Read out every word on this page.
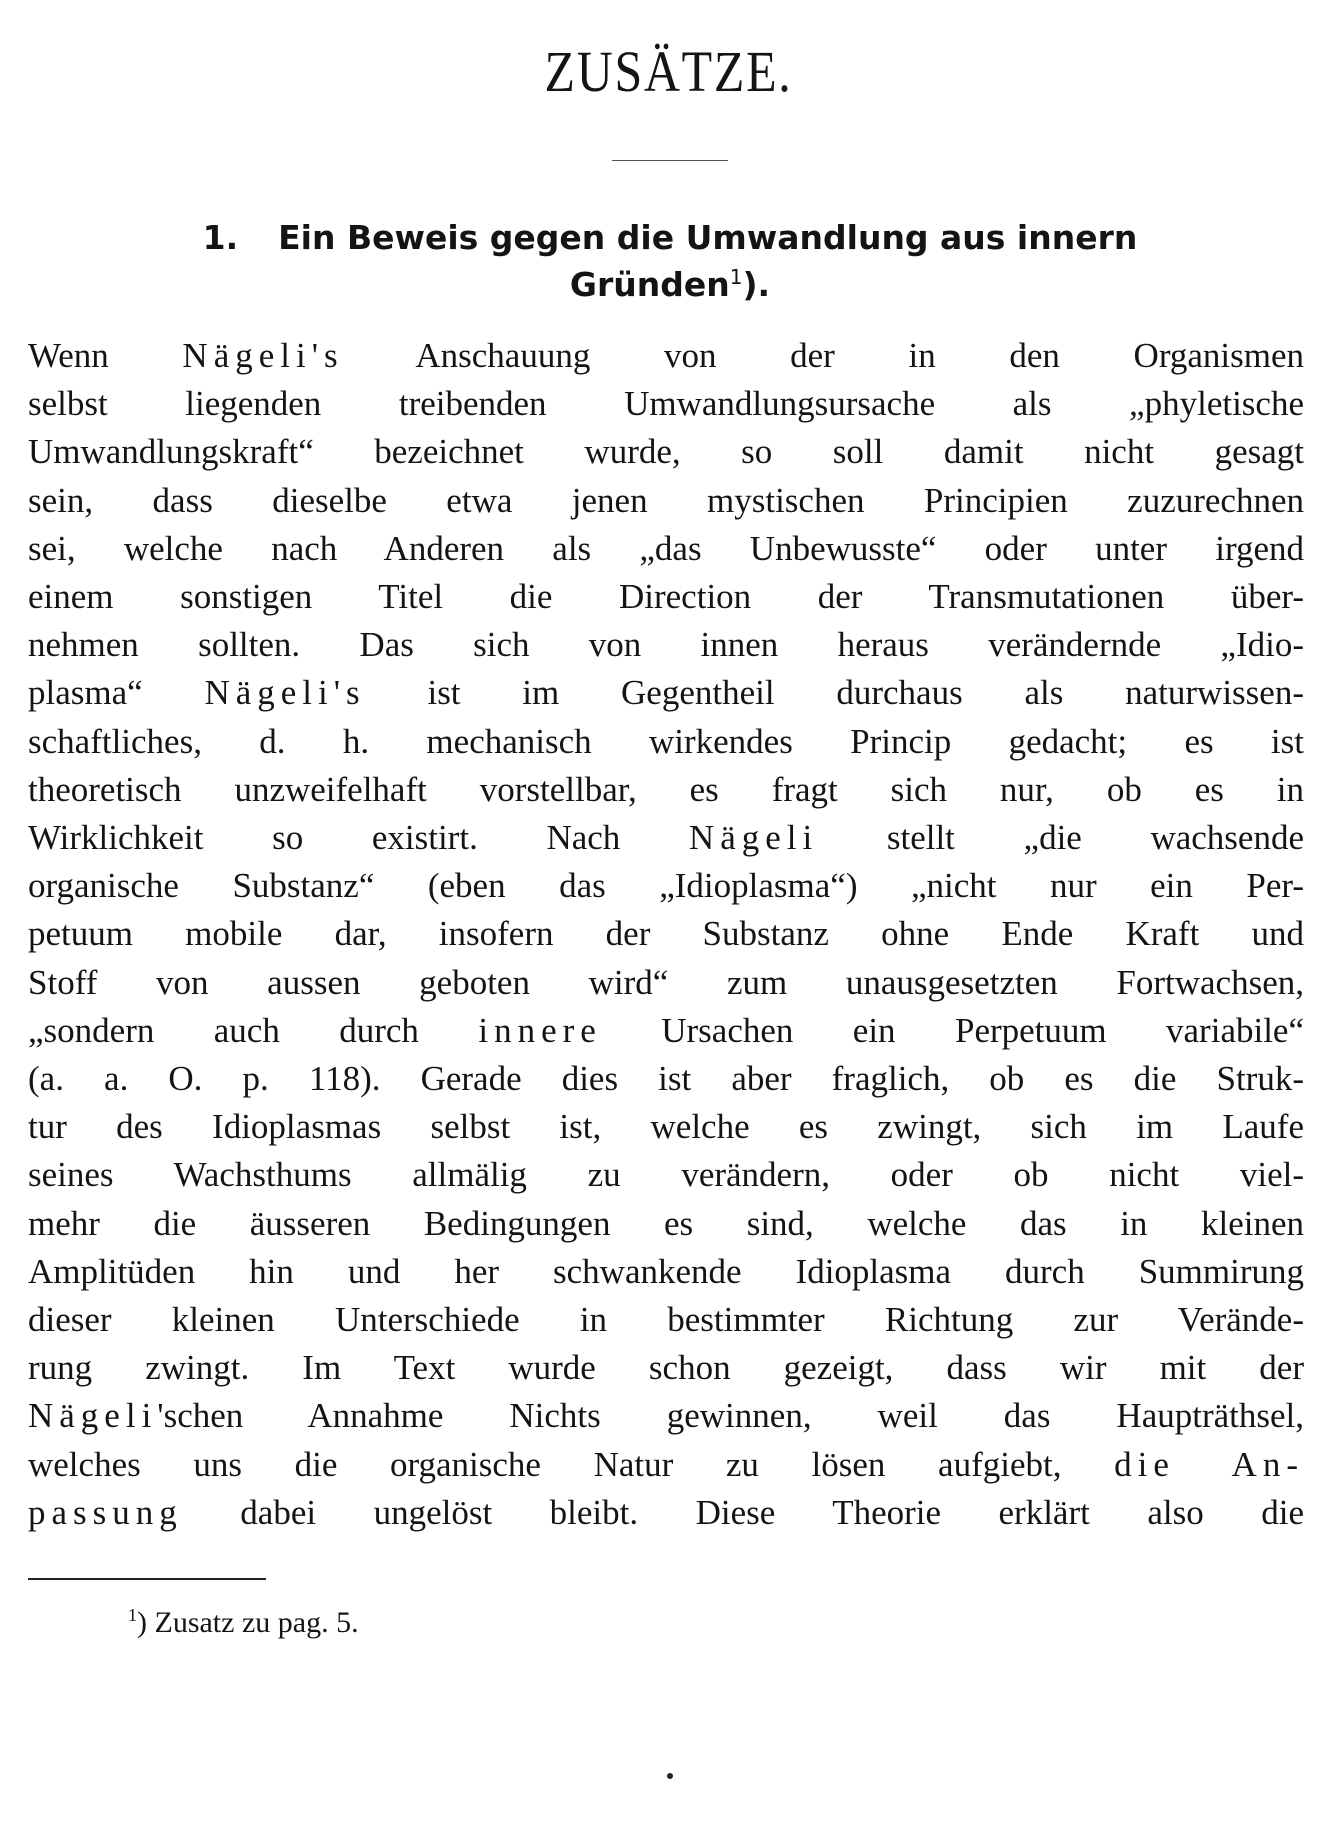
ZUSÄTZE.
1. Ein Beweis gegen die Umwandlung aus innern
Gründen$^1$).
Wenn Nägeli's Anschauung von der in den Organismen
selbst liegenden treibenden Umwandlungsursache als „phyletische
Umwandlungskraft“ bezeichnet wurde, so soll damit nicht gesagt
sein, dass dieselbe etwa jenen mystischen Principien zuzurechnen
sei, welche nach Anderen als „das Unbewusste“ oder unter irgend
einem sonstigen Titel die Direction der Transmutationen über-
nehmen sollten. Das sich von innen heraus verändernde „Idio-
plasma“ Nägeli's ist im Gegentheil durchaus als naturwissen-
schaftliches, d. h. mechanisch wirkendes Princip gedacht; es ist
theoretisch unzweifelhaft vorstellbar, es fragt sich nur, ob es in
Wirklichkeit so existirt. Nach Nägeli stellt „die wachsende
organische Substanz“ (eben das „Idioplasma“) „nicht nur ein Per-
petuum mobile dar, insofern der Substanz ohne Ende Kraft und
Stoff von aussen geboten wird“ zum unausgesetzten Fortwachsen,
„sondern auch durch innere Ursachen ein Perpetuum variabile“
(a. a. O. p. 118). Gerade dies ist aber fraglich, ob es die Struk-
tur des Idioplasmas selbst ist, welche es zwingt, sich im Laufe
seines Wachsthums allmälig zu verändern, oder ob nicht viel-
mehr die äusseren Bedingungen es sind, welche das in kleinen
Amplitüden hin und her schwankende Idioplasma durch Summirung
dieser kleinen Unterschiede in bestimmter Richtung zur Verände-
rung zwingt. Im Text wurde schon gezeigt, dass wir mit der
Nägeli'schen Annahme Nichts gewinnen, weil das Haupträthsel,
welches uns die organische Natur zu lösen aufgiebt, die An-
passung dabei ungelöst bleibt. Diese Theorie erklärt also die

$^1$) Zusatz zu pag. 5.
